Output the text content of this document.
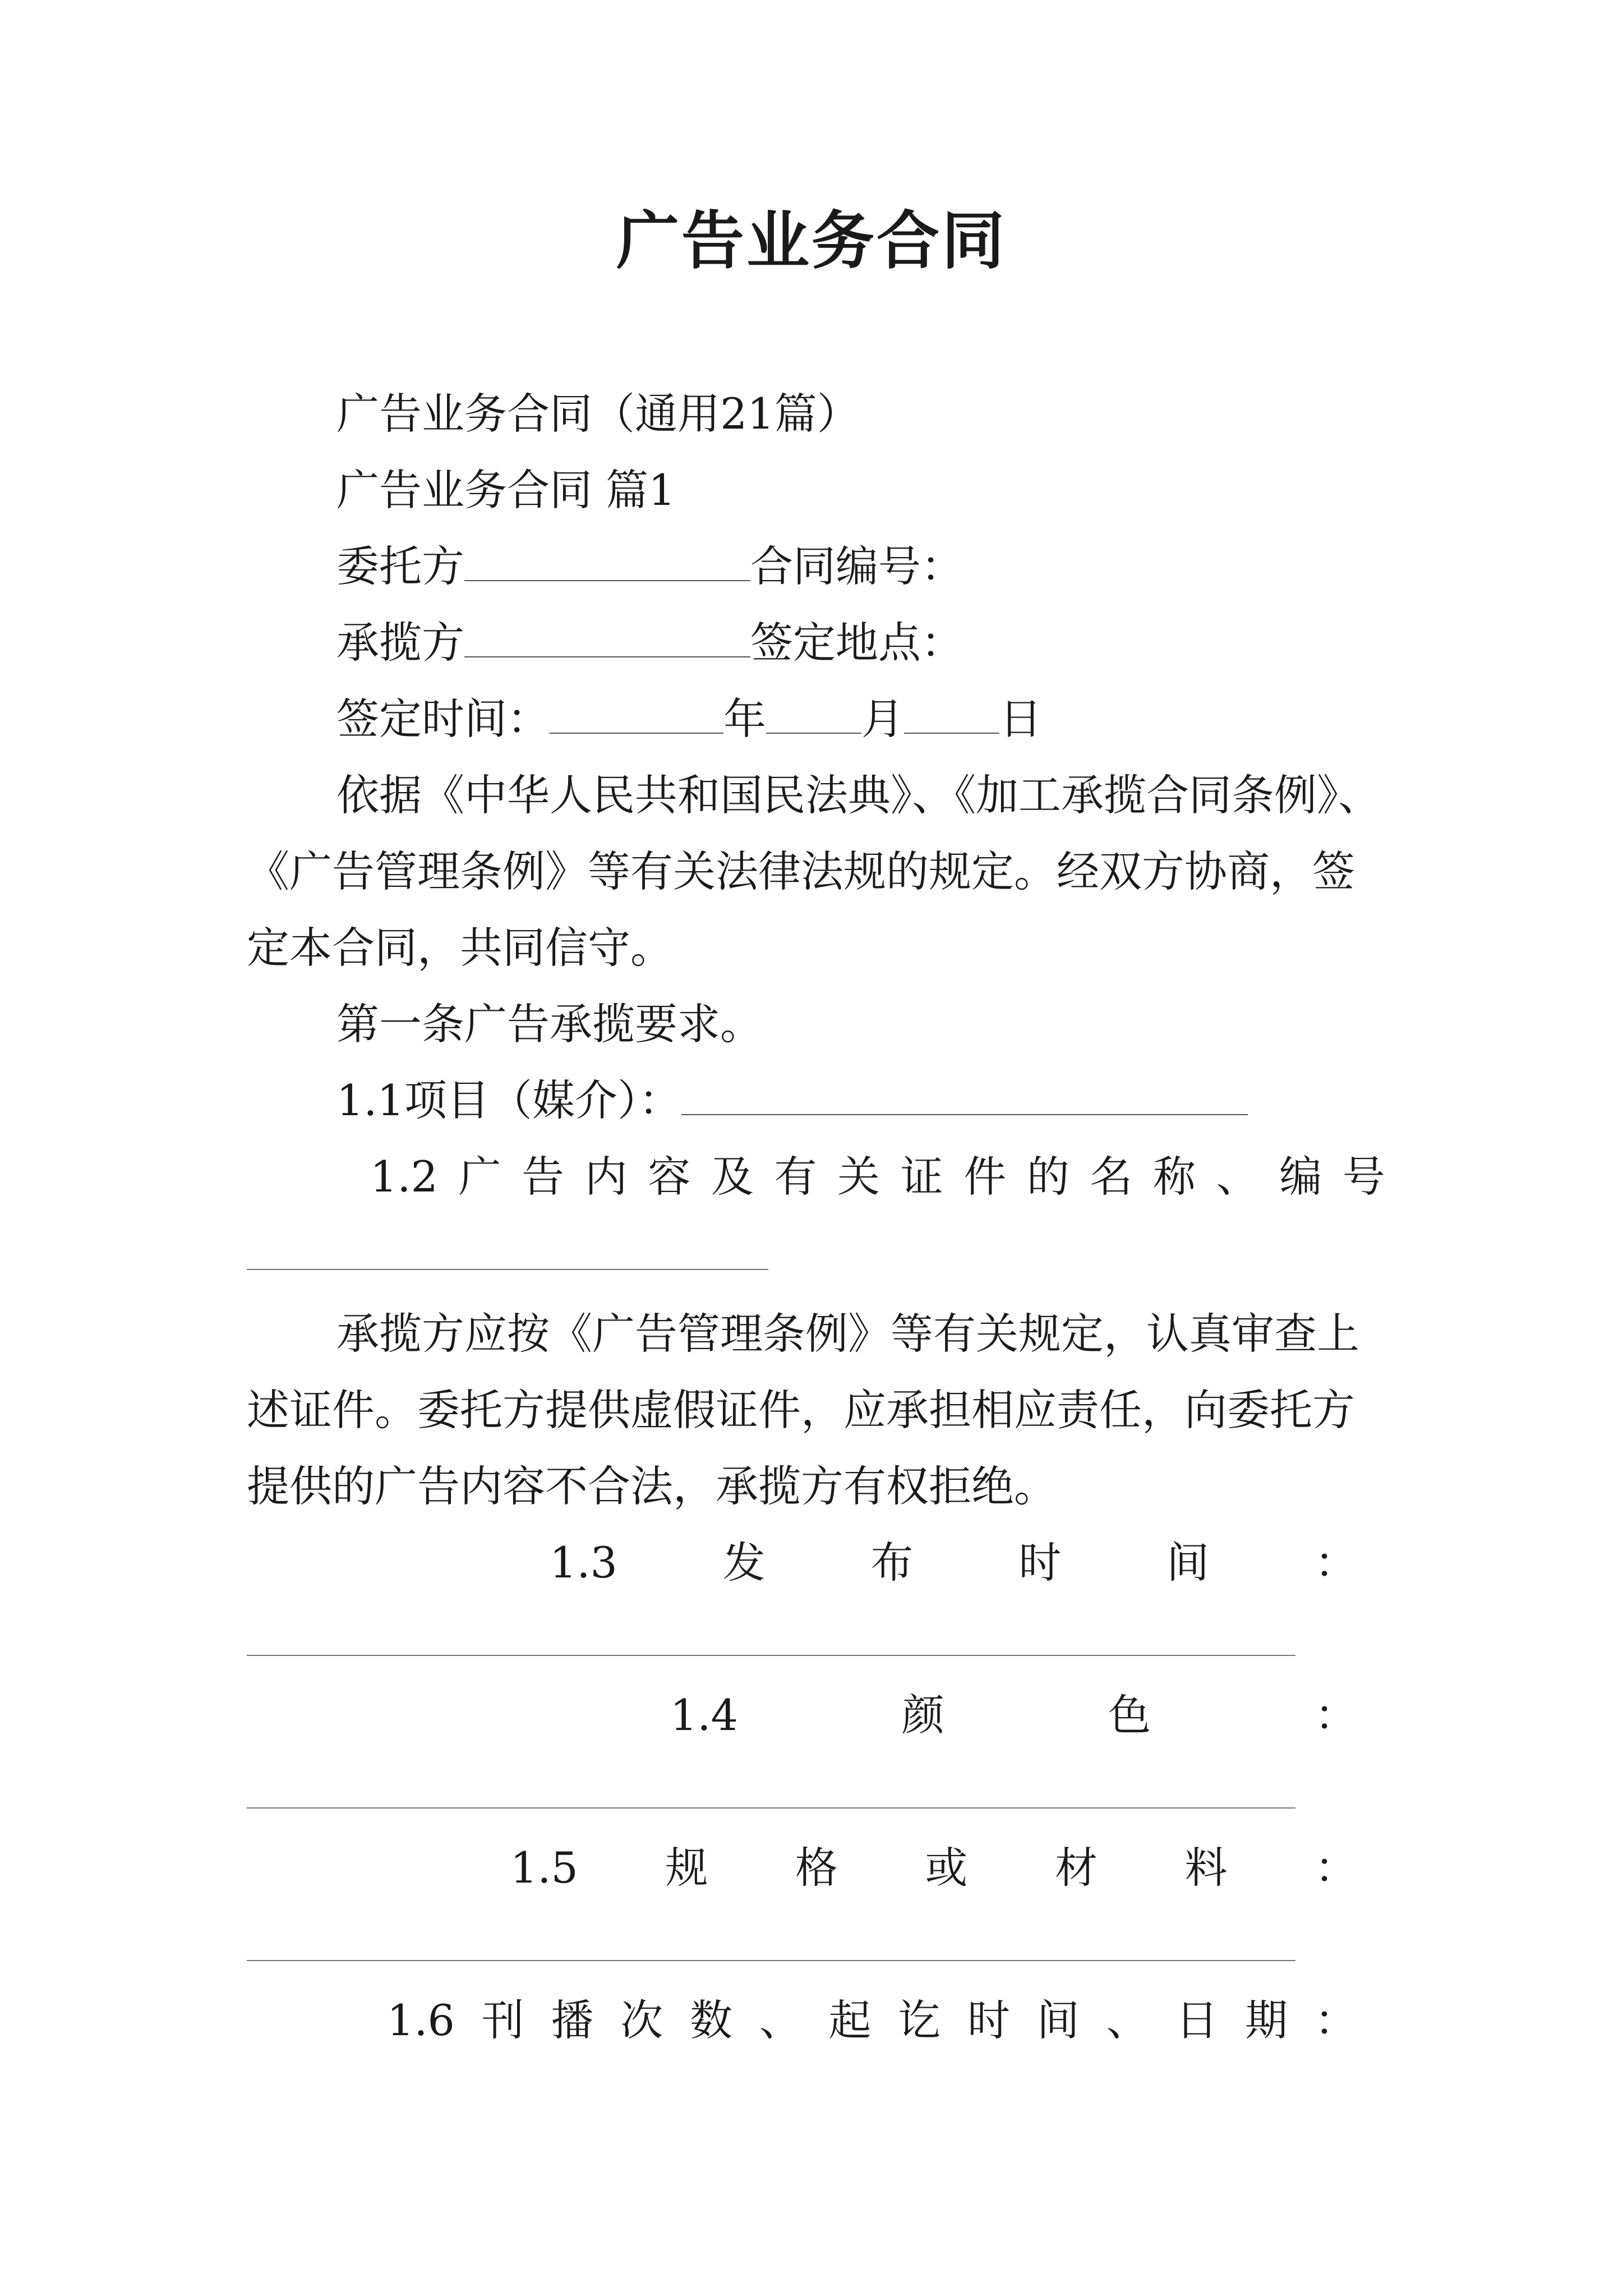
广告业务合同
广告业务合同（通用21篇）
广告业务合同 篇1
委托方	合同编号：
承揽方	签定地点：
签定时间：	年 月 日
依据《中华人民共和国民法典》、《加工承揽合同条例》、
《广告管理条例》等有关法律法规的规定。经双方协商，签
定本合同，共同信守。
第一条广告承揽要求。
1.1项目（媒介）：
1.2 广 告 内 容 及 有 关 证 件 的 名 称 、 编 号
承揽方应按《广告管理条例》等有关规定，认真审查上
述证件。委托方提供虚假证件，应承担相应责任，向委托方
提供的广告内容不合法，承揽方有权拒绝。
1.3 发 布 时 间 ：
1.4	颜	色	：
1.5 规 格 或 材 料 ：
1.6 刊 播 次 数 、 起 讫 时 间 、 日 期 ：
